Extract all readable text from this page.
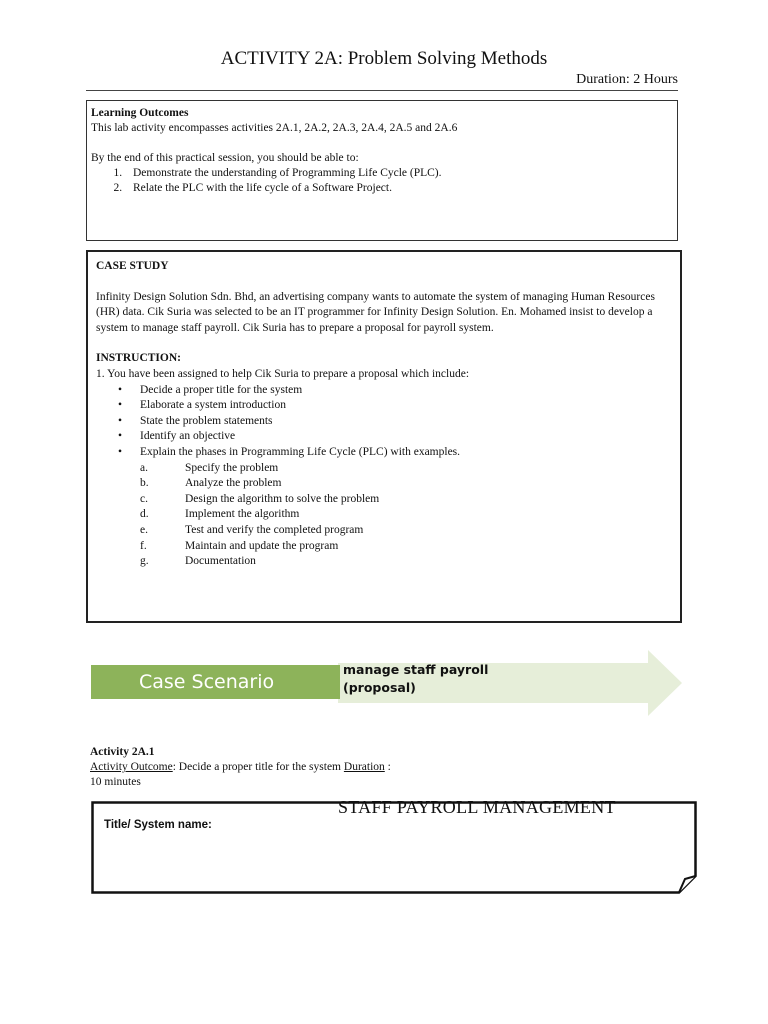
ACTIVITY 2A: Problem Solving Methods
Duration: 2 Hours
Learning Outcomes
This lab activity encompasses activities 2A.1, 2A.2, 2A.3, 2A.4, 2A.5 and 2A.6
By the end of this practical session, you should be able to:
1. Demonstrate the understanding of Programming Life Cycle (PLC).
2. Relate the PLC with the life cycle of a Software Project.
CASE STUDY
Infinity Design Solution Sdn. Bhd, an advertising company wants to automate the system of managing Human Resources (HR) data. Cik Suria was selected to be an IT programmer for Infinity Design Solution. En. Mohamed insist to develop a system to manage staff payroll. Cik Suria has to prepare a proposal for payroll system.
INSTRUCTION:
1. You have been assigned to help Cik Suria to prepare a proposal which include:
• Decide a proper title for the system
• Elaborate a system introduction
• State the problem statements
• Identify an objective
• Explain the phases in Programming Life Cycle (PLC) with examples.
a.	Specify the problem
b.	Analyze the problem
c.	Design the algorithm to solve the problem
d.	Implement the algorithm
e.	Test and verify the completed program
f.	Maintain and update the program
g.	Documentation
Case Scenario
manage staff payroll
(proposal)
Activity 2A.1
Activity Outcome: Decide a proper title for the system Duration :
10 minutes
Title/ System name:
STAFF PAYROLL MANAGEMENT
